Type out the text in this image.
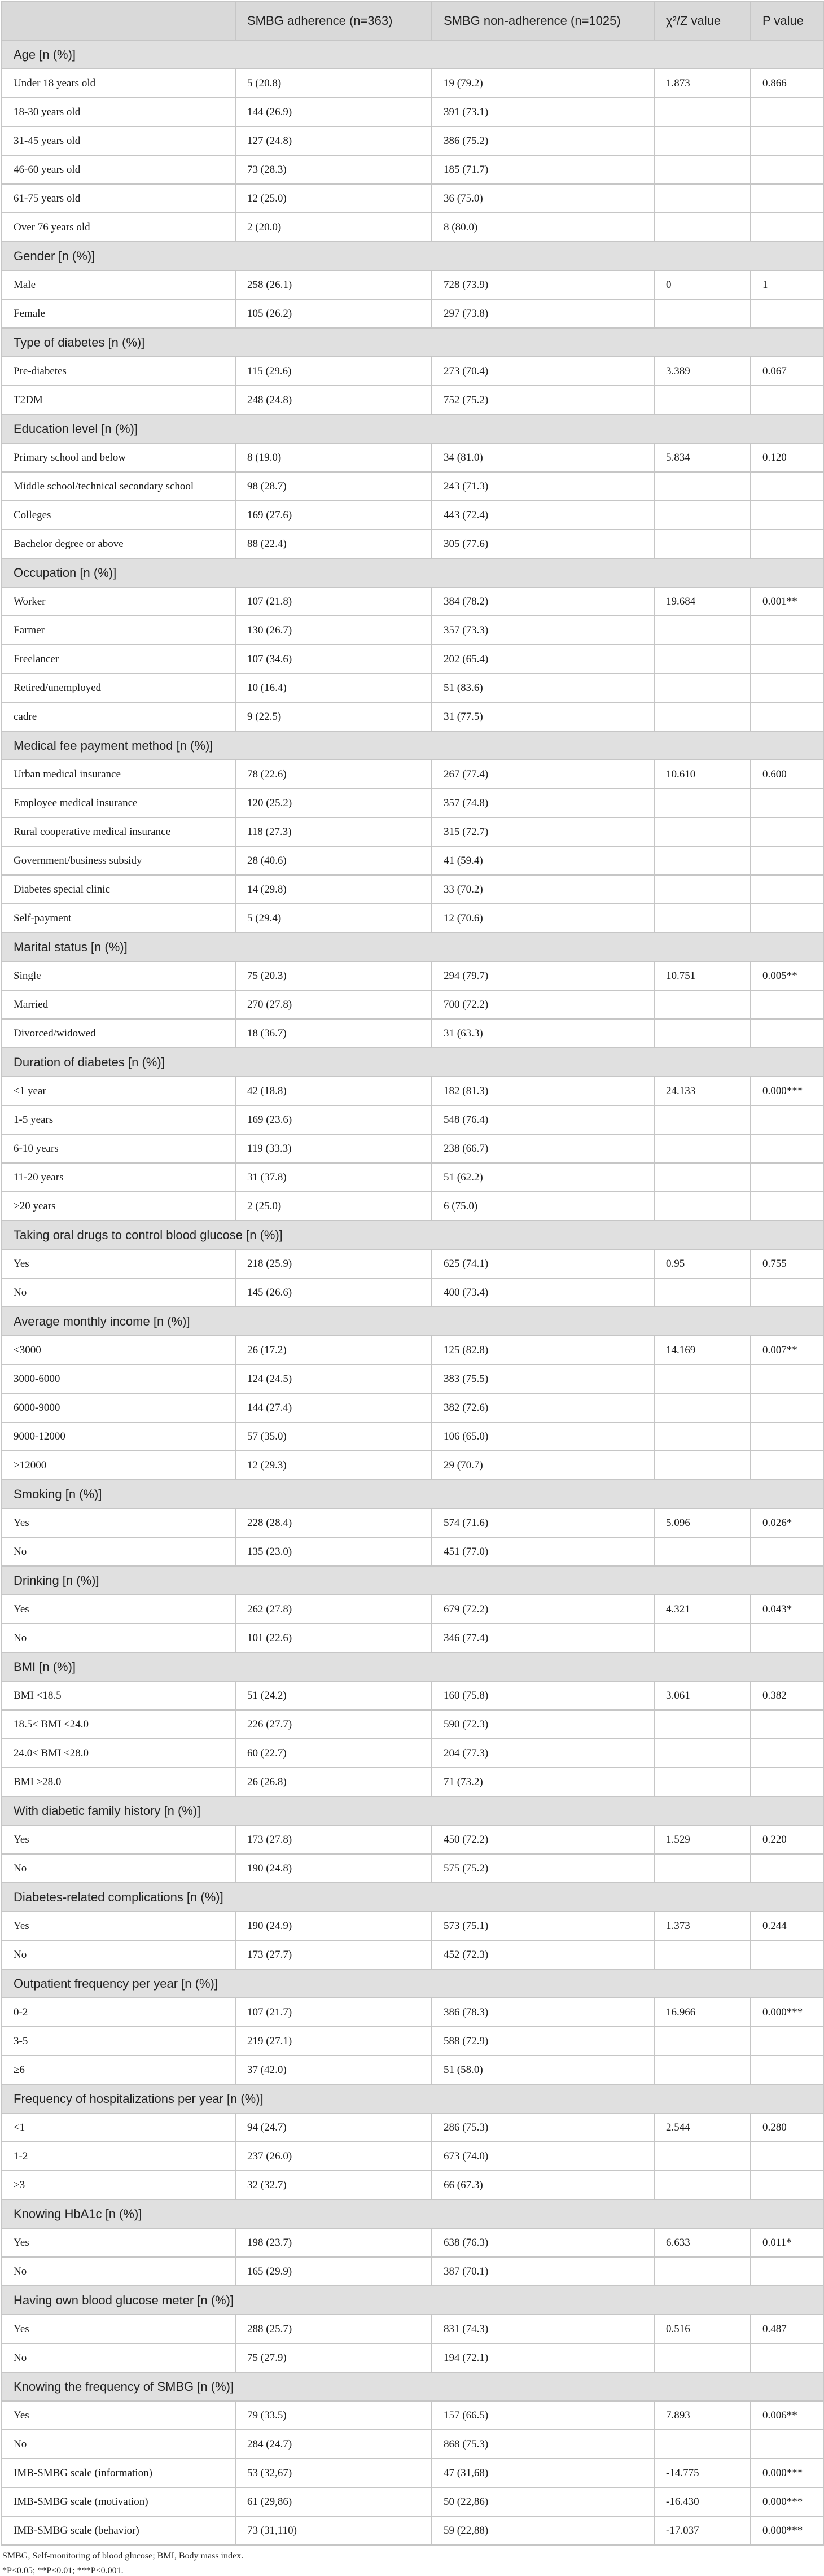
	SMBG adherence (n=363)	SMBG non-adherence (n=1025)	χ²/Z value	P value
Age [n (%)]				
Under 18 years old	5 (20.8)	19 (79.2)	1.873	0.866
18-30 years old	144 (26.9)	391 (73.1)		
31-45 years old	127 (24.8)	386 (75.2)		
46-60 years old	73 (28.3)	185 (71.7)		
61-75 years old	12 (25.0)	36 (75.0)		
Over 76 years old	2 (20.0)	8 (80.0)		
Gender [n (%)]				
Male	258 (26.1)	728 (73.9)	0	1
Female	105 (26.2)	297 (73.8)		
Type of diabetes [n (%)]				
Pre-diabetes	115 (29.6)	273 (70.4)	3.389	0.067
T2DM	248 (24.8)	752 (75.2)		
Education level [n (%)]				
Primary school and below	8 (19.0)	34 (81.0)	5.834	0.120
Middle school/technical secondary school	98 (28.7)	243 (71.3)		
Colleges	169 (27.6)	443 (72.4)		
Bachelor degree or above	88 (22.4)	305 (77.6)		
Occupation [n (%)]				
Worker	107 (21.8)	384 (78.2)	19.684	0.001**
Farmer	130 (26.7)	357 (73.3)		
Freelancer	107 (34.6)	202 (65.4)		
Retired/unemployed	10 (16.4)	51 (83.6)		
cadre	9 (22.5)	31 (77.5)		
Medical fee payment method [n (%)]				
Urban medical insurance	78 (22.6)	267 (77.4)	10.610	0.600
Employee medical insurance	120 (25.2)	357 (74.8)		
Rural cooperative medical insurance	118 (27.3)	315 (72.7)		
Government/business subsidy	28 (40.6)	41 (59.4)		
Diabetes special clinic	14 (29.8)	33 (70.2)		
Self-payment	5 (29.4)	12 (70.6)		
Marital status [n (%)]				
Single	75 (20.3)	294 (79.7)	10.751	0.005**
Married	270 (27.8)	700 (72.2)		
Divorced/widowed	18 (36.7)	31 (63.3)		
Duration of diabetes [n (%)]				
<1 year	42 (18.8)	182 (81.3)	24.133	0.000***
1-5 years	169 (23.6)	548 (76.4)		
6-10 years	119 (33.3)	238 (66.7)		
11-20 years	31 (37.8)	51 (62.2)		
>20 years	2 (25.0)	6 (75.0)		
Taking oral drugs to control blood glucose [n (%)]				
Yes	218 (25.9)	625 (74.1)	0.95	0.755
No	145 (26.6)	400 (73.4)		
Average monthly income [n (%)]				
<3000	26 (17.2)	125 (82.8)	14.169	0.007**
3000-6000	124 (24.5)	383 (75.5)		
6000-9000	144 (27.4)	382 (72.6)		
9000-12000	57 (35.0)	106 (65.0)		
>12000	12 (29.3)	29 (70.7)		
Smoking [n (%)]				
Yes	228 (28.4)	574 (71.6)	5.096	0.026*
No	135 (23.0)	451 (77.0)		
Drinking [n (%)]				
Yes	262 (27.8)	679 (72.2)	4.321	0.043*
No	101 (22.6)	346 (77.4)		
BMI [n (%)]				
BMI <18.5	51 (24.2)	160 (75.8)	3.061	0.382
18.5≤ BMI <24.0	226 (27.7)	590 (72.3)		
24.0≤ BMI <28.0	60 (22.7)	204 (77.3)		
BMI ≥28.0	26 (26.8)	71 (73.2)		
With diabetic family history [n (%)]				
Yes	173 (27.8)	450 (72.2)	1.529	0.220
No	190 (24.8)	575 (75.2)		
Diabetes-related complications [n (%)]				
Yes	190 (24.9)	573 (75.1)	1.373	0.244
No	173 (27.7)	452 (72.3)		
Outpatient frequency per year [n (%)]				
0-2	107 (21.7)	386 (78.3)	16.966	0.000***
3-5	219 (27.1)	588 (72.9)		
≥6	37 (42.0)	51 (58.0)		
Frequency of hospitalizations per year [n (%)]				
<1	94 (24.7)	286 (75.3)	2.544	0.280
1-2	237 (26.0)	673 (74.0)		
>3	32 (32.7)	66 (67.3)		
Knowing HbA1c [n (%)]				
Yes	198 (23.7)	638 (76.3)	6.633	0.011*
No	165 (29.9)	387 (70.1)		
Having own blood glucose meter [n (%)]				
Yes	288 (25.7)	831 (74.3)	0.516	0.487
No	75 (27.9)	194 (72.1)		
Knowing the frequency of SMBG [n (%)]				
Yes	79 (33.5)	157 (66.5)	7.893	0.006**
No	284 (24.7)	868 (75.3)		
IMB-SMBG scale (information)	53 (32,67)	47 (31,68)	-14.775	0.000***
IMB-SMBG scale (motivation)	61 (29,86)	50 (22,86)	-16.430	0.000***
IMB-SMBG scale (behavior)	73 (31,110)	59 (22,88)	-17.037	0.000***
SMBG, Self-monitoring of blood glucose; BMI, Body mass index.
*P<0.05; **P<0.01; ***P<0.001.
